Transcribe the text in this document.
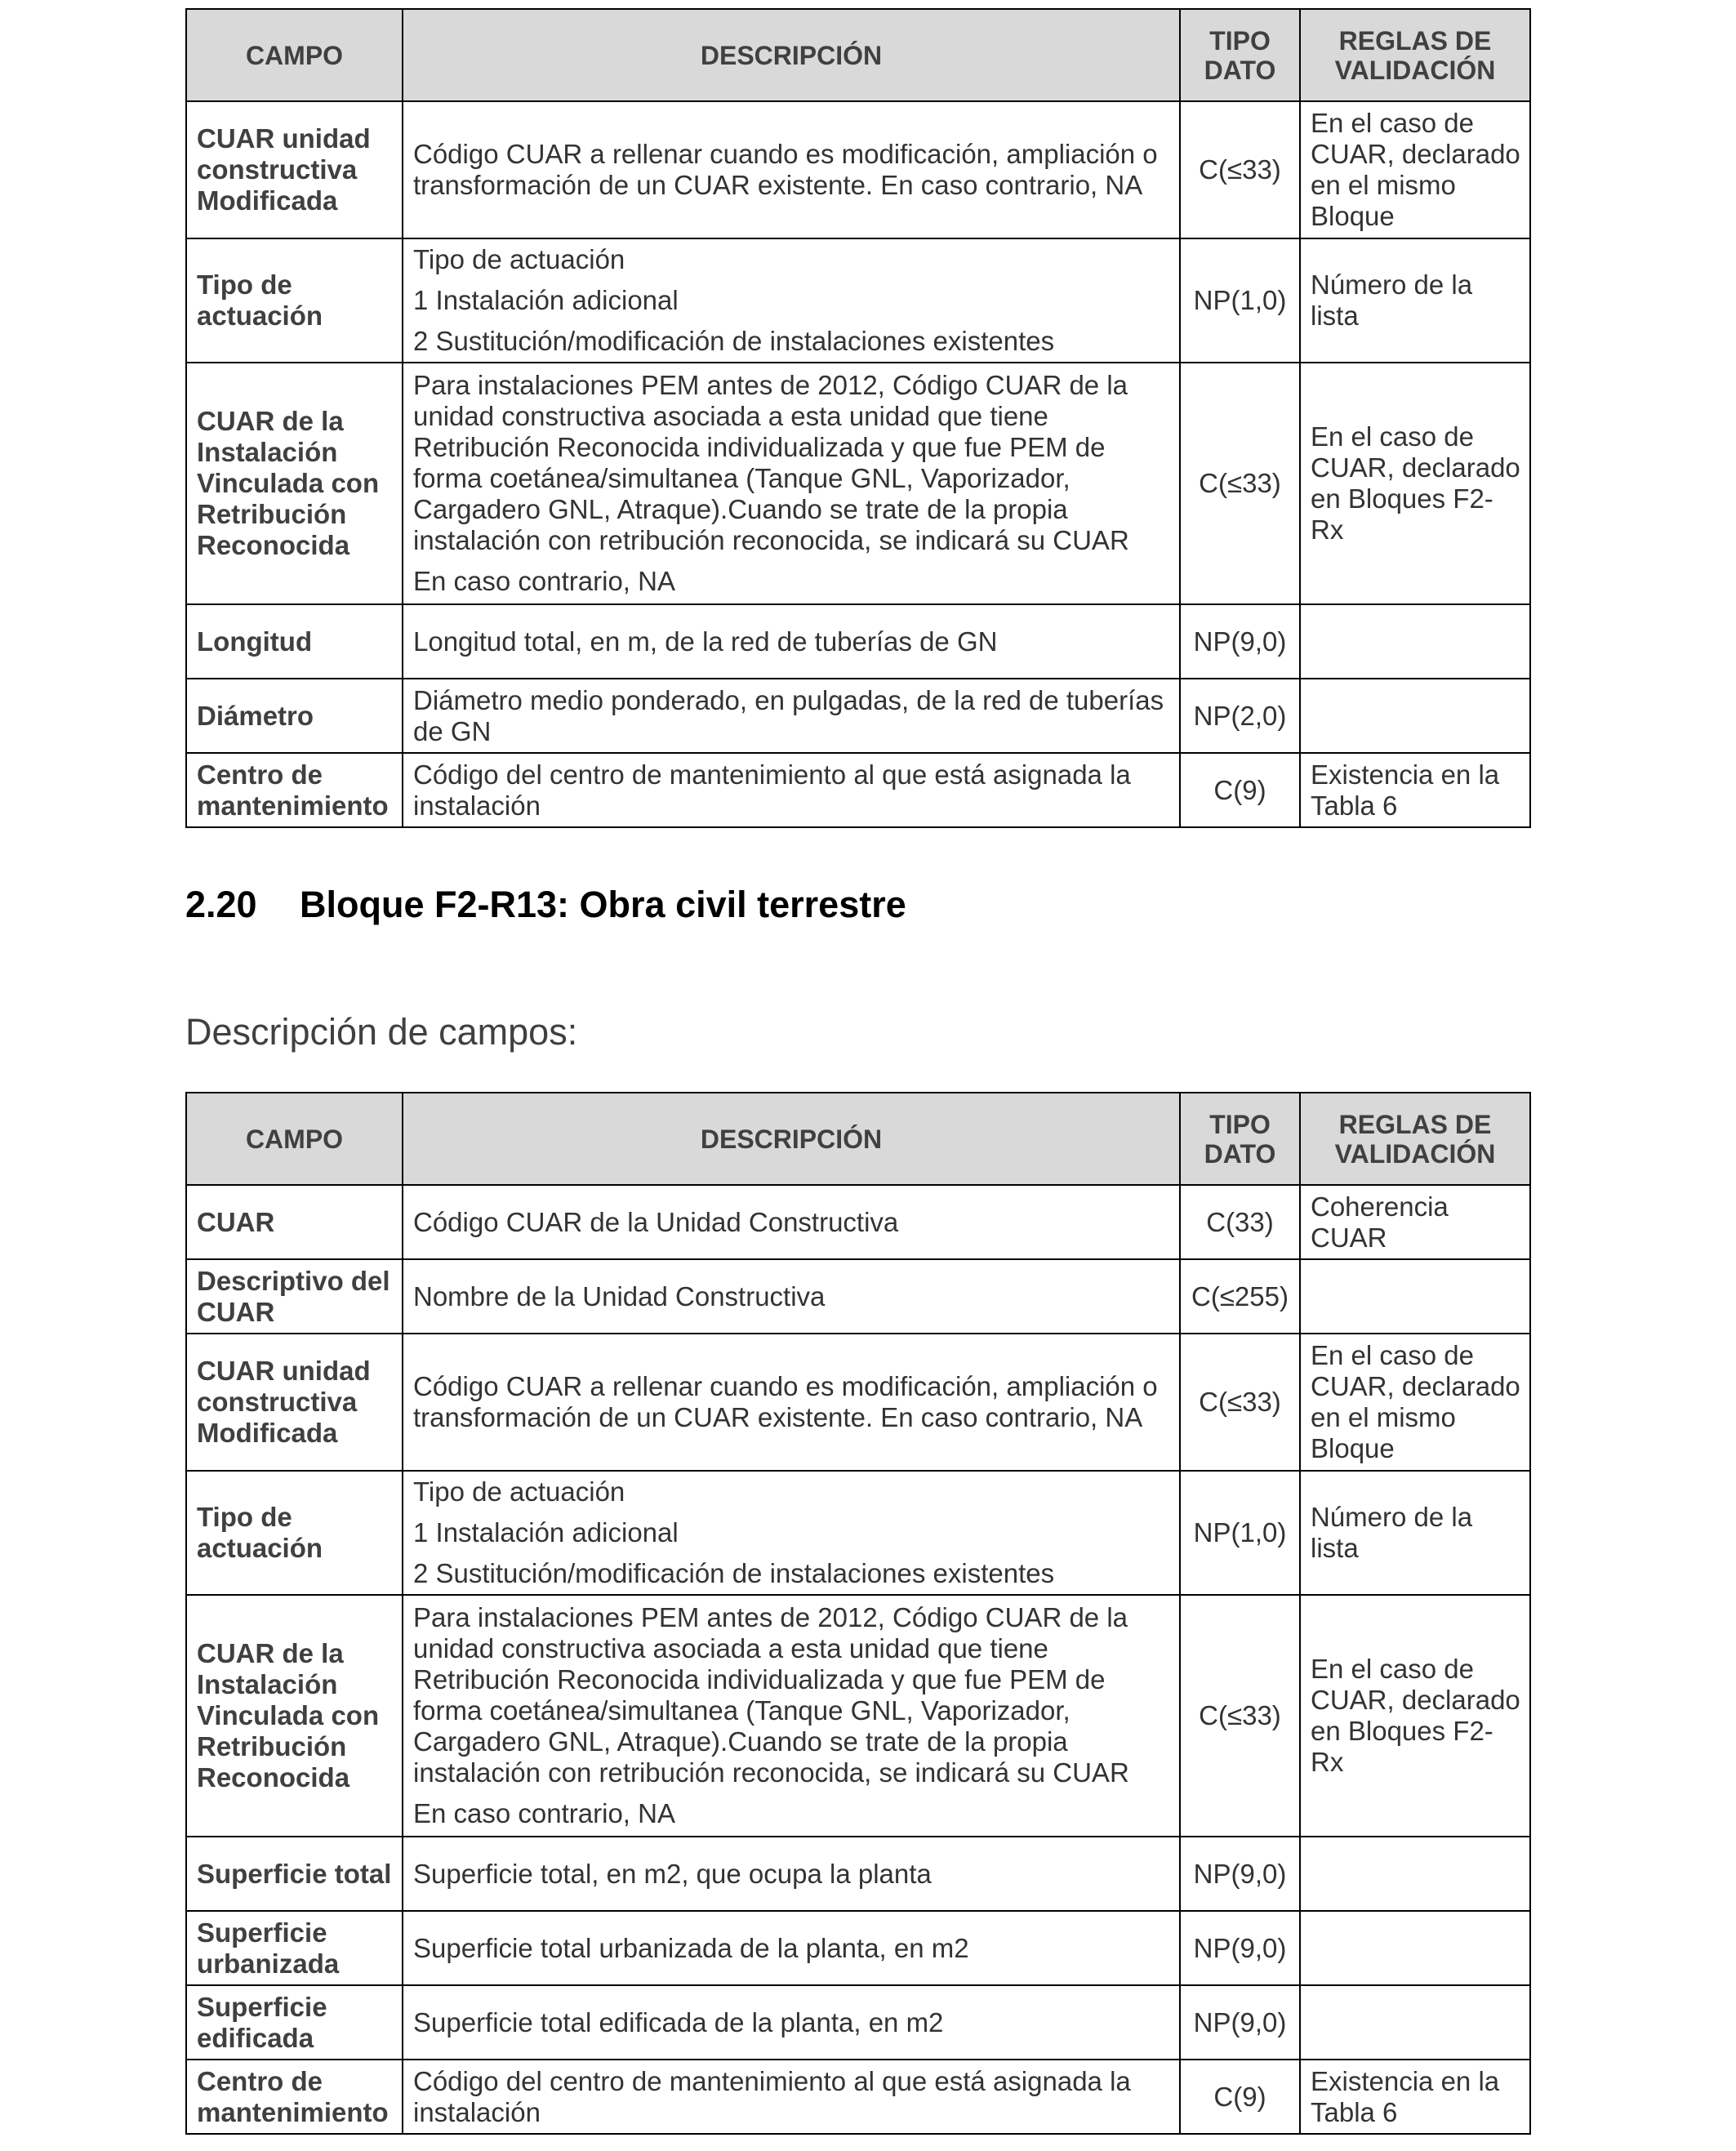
CAMPO	DESCRIPCIÓN	TIPO DATO	REGLAS DE VALIDACIÓN
CUAR unidad constructiva Modificada	Código CUAR a rellenar cuando es modificación, ampliación o transformación de un CUAR existente. En caso contrario, NA	C(≤33)	En el caso de CUAR, declarado en el mismo Bloque
Tipo de actuación	Tipo de actuación
1 Instalación adicional
2 Sustitución/modificación de instalaciones existentes	NP(1,0)	Número de la lista
CUAR de la Instalación Vinculada con Retribución Reconocida	Para instalaciones PEM antes de 2012, Código CUAR de la unidad constructiva asociada a esta unidad que tiene Retribución Reconocida individualizada y que fue PEM de forma coetánea/simultanea (Tanque GNL, Vaporizador, Cargadero GNL, Atraque).Cuando se trate de la propia instalación con retribución reconocida, se indicará su CUAR
En caso contrario, NA	C(≤33)	En el caso de CUAR, declarado en Bloques F2-Rx
Longitud	Longitud total, en m, de la red de tuberías de GN	NP(9,0)	
Diámetro	Diámetro medio ponderado, en pulgadas, de la red de tuberías de GN	NP(2,0)	
Centro de mantenimiento	Código del centro de mantenimiento al que está asignada la instalación	C(9)	Existencia en la Tabla 6
2.20 Bloque F2-R13: Obra civil terrestre

Descripción de campos:

CAMPO	DESCRIPCIÓN	TIPO DATO	REGLAS DE VALIDACIÓN
CUAR	Código CUAR de la Unidad Constructiva	C(33)	Coherencia CUAR
Descriptivo del CUAR	Nombre de la Unidad Constructiva	C(≤255)	
CUAR unidad constructiva Modificada	Código CUAR a rellenar cuando es modificación, ampliación o transformación de un CUAR existente. En caso contrario, NA	C(≤33)	En el caso de CUAR, declarado en el mismo Bloque
Tipo de actuación	Tipo de actuación
1 Instalación adicional
2 Sustitución/modificación de instalaciones existentes	NP(1,0)	Número de la lista
CUAR de la Instalación Vinculada con Retribución Reconocida	Para instalaciones PEM antes de 2012, Código CUAR de la unidad constructiva asociada a esta unidad que tiene Retribución Reconocida individualizada y que fue PEM de forma coetánea/simultanea (Tanque GNL, Vaporizador, Cargadero GNL, Atraque).Cuando se trate de la propia instalación con retribución reconocida, se indicará su CUAR
En caso contrario, NA	C(≤33)	En el caso de CUAR, declarado en Bloques F2-Rx
Superficie total	Superficie total, en m2, que ocupa la planta	NP(9,0)	
Superficie urbanizada	Superficie total urbanizada de la planta, en m2	NP(9,0)	
Superficie edificada	Superficie total edificada de la planta, en m2	NP(9,0)	
Centro de mantenimiento	Código del centro de mantenimiento al que está asignada la instalación	C(9)	Existencia en la Tabla 6
